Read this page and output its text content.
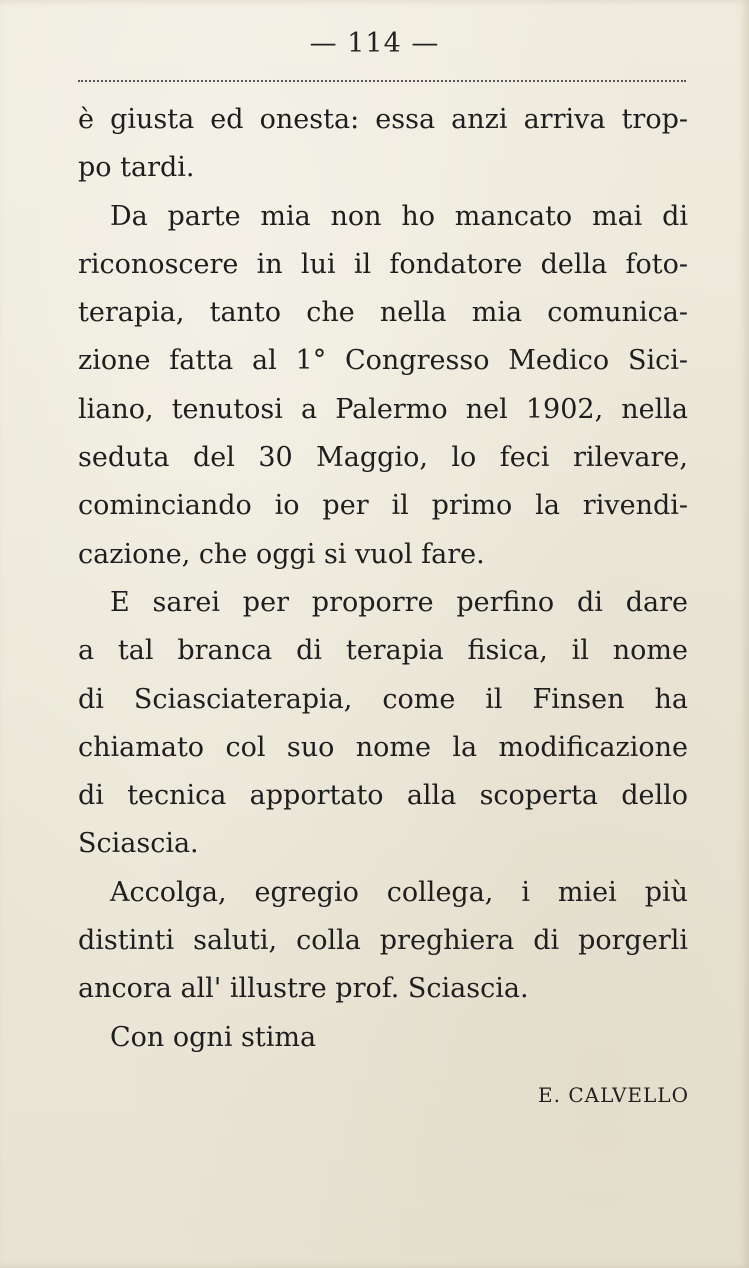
— 114 —
è giusta ed onesta: essa anzi arriva trop-
po tardi.
Da parte mia non ho mancato mai di
riconoscere in lui il fondatore della foto-
terapia, tanto che nella mia comunica-
zione fatta al 1° Congresso Medico Sici-
liano, tenutosi a Palermo nel 1902, nella
seduta del 30 Maggio, lo feci rilevare,
cominciando io per il primo la rivendi-
cazione, che oggi si vuol fare.
E sarei per proporre perfino di dare
a tal branca di terapia fisica, il nome
di Sciasciaterapia, come il Finsen ha
chiamato col suo nome la modificazione
di tecnica apportato alla scoperta dello
Sciascia.
Accolga, egregio collega, i miei più
distinti saluti, colla preghiera di porgerli
ancora all' illustre prof. Sciascia.
Con ogni stima
E. CALVELLO
